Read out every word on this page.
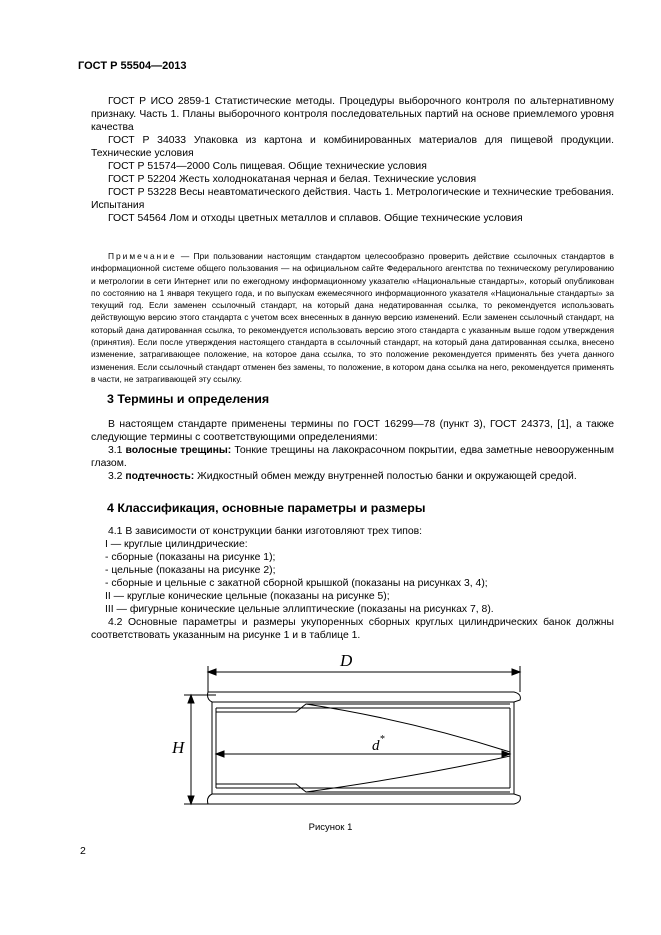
ГОСТ Р 55504—2013

ГОСТ Р ИСО 2859-1 Статистические методы. Процедуры выборочного контроля по альтернативному признаку. Часть 1. Планы выборочного контроля последовательных партий на основе приемлемого уровня качества

ГОСТ Р 34033 Упаковка из картона и комбинированных материалов для пищевой продукции. Технические условия

ГОСТ Р 51574—2000 Соль пищевая. Общие технические условия

ГОСТ Р 52204 Жесть холоднокатаная черная и белая. Технические условия

ГОСТ Р 53228 Весы неавтоматического действия. Часть 1. Метрологические и технические требования. Испытания

ГОСТ 54564 Лом и отходы цветных металлов и сплавов. Общие технические условия

Примечание — При пользовании настоящим стандартом целесообразно проверить действие ссылочных стандартов в информационной системе общего пользования — на официальном сайте Федерального агентства по техническому регулированию и метрологии в сети Интернет или по ежегодному информационному указателю «Национальные стандарты», который опубликован по состоянию на 1 января текущего года, и по выпускам ежемесячного информационного указателя «Национальные стандарты» за текущий год. Если заменен ссылочный стандарт, на который дана недатированная ссылка, то рекомендуется использовать действующую версию этого стандарта с учетом всех внесенных в данную версию изменений. Если заменен ссылочный стандарт, на который дана датированная ссылка, то рекомендуется использовать версию этого стандарта с указанным выше годом утверждения (принятия). Если после утверждения настоящего стандарта в ссылочный стандарт, на который дана датированная ссылка, внесено изменение, затрагивающее положение, на которое дана ссылка, то это положение рекомендуется применять без учета данного изменения. Если ссылочный стандарт отменен без замены, то положение, в котором дана ссылка на него, рекомендуется применять в части, не затрагивающей эту ссылку.

3 Термины и определения

В настоящем стандарте применены термины по ГОСТ 16299—78 (пункт 3), ГОСТ 24373, [1], а также следующие термины с соответствующими определениями:

3.1 волосные трещины: Тонкие трещины на лакокрасочном покрытии, едва заметные невооруженным глазом.

3.2 подтечность: Жидкостный обмен между внутренней полостью банки и окружающей средой.

4 Классификация, основные параметры и размеры

4.1 В зависимости от конструкции банки изготовляют трех типов:

I — круглые цилиндрические:

- сборные (показаны на рисунке 1);

- цельные (показаны на рисунке 2);

- сборные и цельные с закатной сборной крышкой (показаны на рисунках 3, 4);

II — круглые конические цельные (показаны на рисунке 5);

III — фигурные конические цельные эллиптические (показаны на рисунках 7, 8).

4.2 Основные параметры и размеры укупоренных сборных круглых цилиндрических банок должны соответствовать указанным на рисунке 1 и в таблице 1.

D
H	d *

Рисунок 1

2
